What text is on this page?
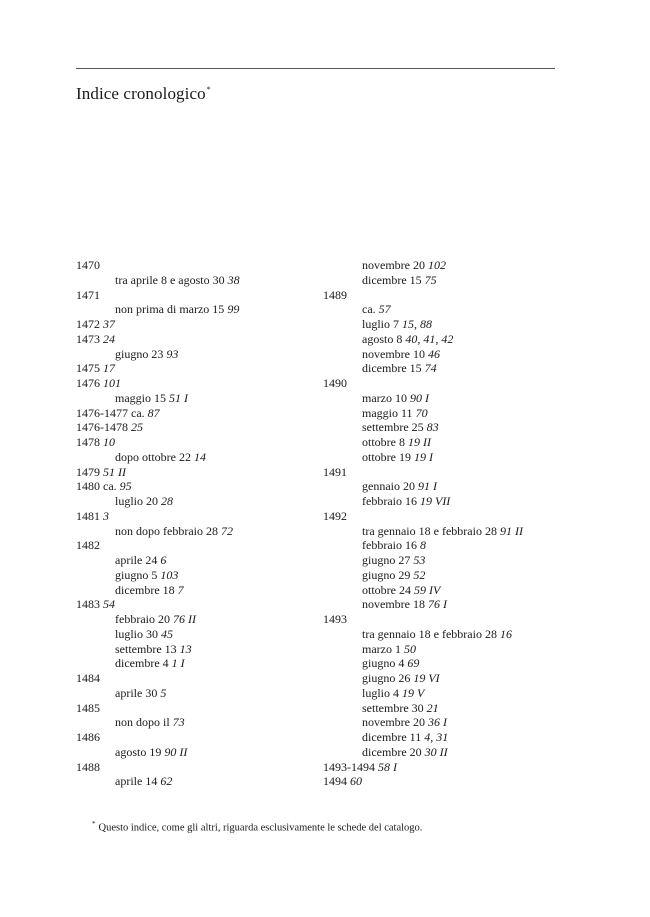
Indice cronologico*
1470
tra aprile 8 e agosto 30 38
1471
non prima di marzo 15 99
1472 37
1473 24
giugno 23 93
1475 17
1476 101
maggio 15 51 I
1476-1477 ca. 87
1476-1478 25
1478 10
dopo ottobre 22 14
1479 51 II
1480 ca. 95
luglio 20 28
1481 3
non dopo febbraio 28 72
1482
aprile 24 6
giugno 5 103
dicembre 18 7
1483 54
febbraio 20 76 II
luglio 30 45
settembre 13 13
dicembre 4 1 I
1484
aprile 30 5
1485
non dopo il 73
1486
agosto 19 90 II
1488
aprile 14 62
novembre 20 102
dicembre 15 75
1489
ca. 57
luglio 7 15, 88
agosto 8 40, 41, 42
novembre 10 46
dicembre 15 74
1490
marzo 10 90 I
maggio 11 70
settembre 25 83
ottobre 8 19 II
ottobre 19 19 I
1491
gennaio 20 91 I
febbraio 16 19 VII
1492
tra gennaio 18 e febbraio 28 91 II
febbraio 16 8
giugno 27 53
giugno 29 52
ottobre 24 59 IV
novembre 18 76 I
1493
tra gennaio 18 e febbraio 28 16
marzo 1 50
giugno 4 69
giugno 26 19 VI
luglio 4 19 V
settembre 30 21
novembre 20 36 I
dicembre 11 4, 31
dicembre 20 30 II
1493-1494 58 I
1494 60
* Questo indice, come gli altri, riguarda esclusivamente le schede del catalogo.
